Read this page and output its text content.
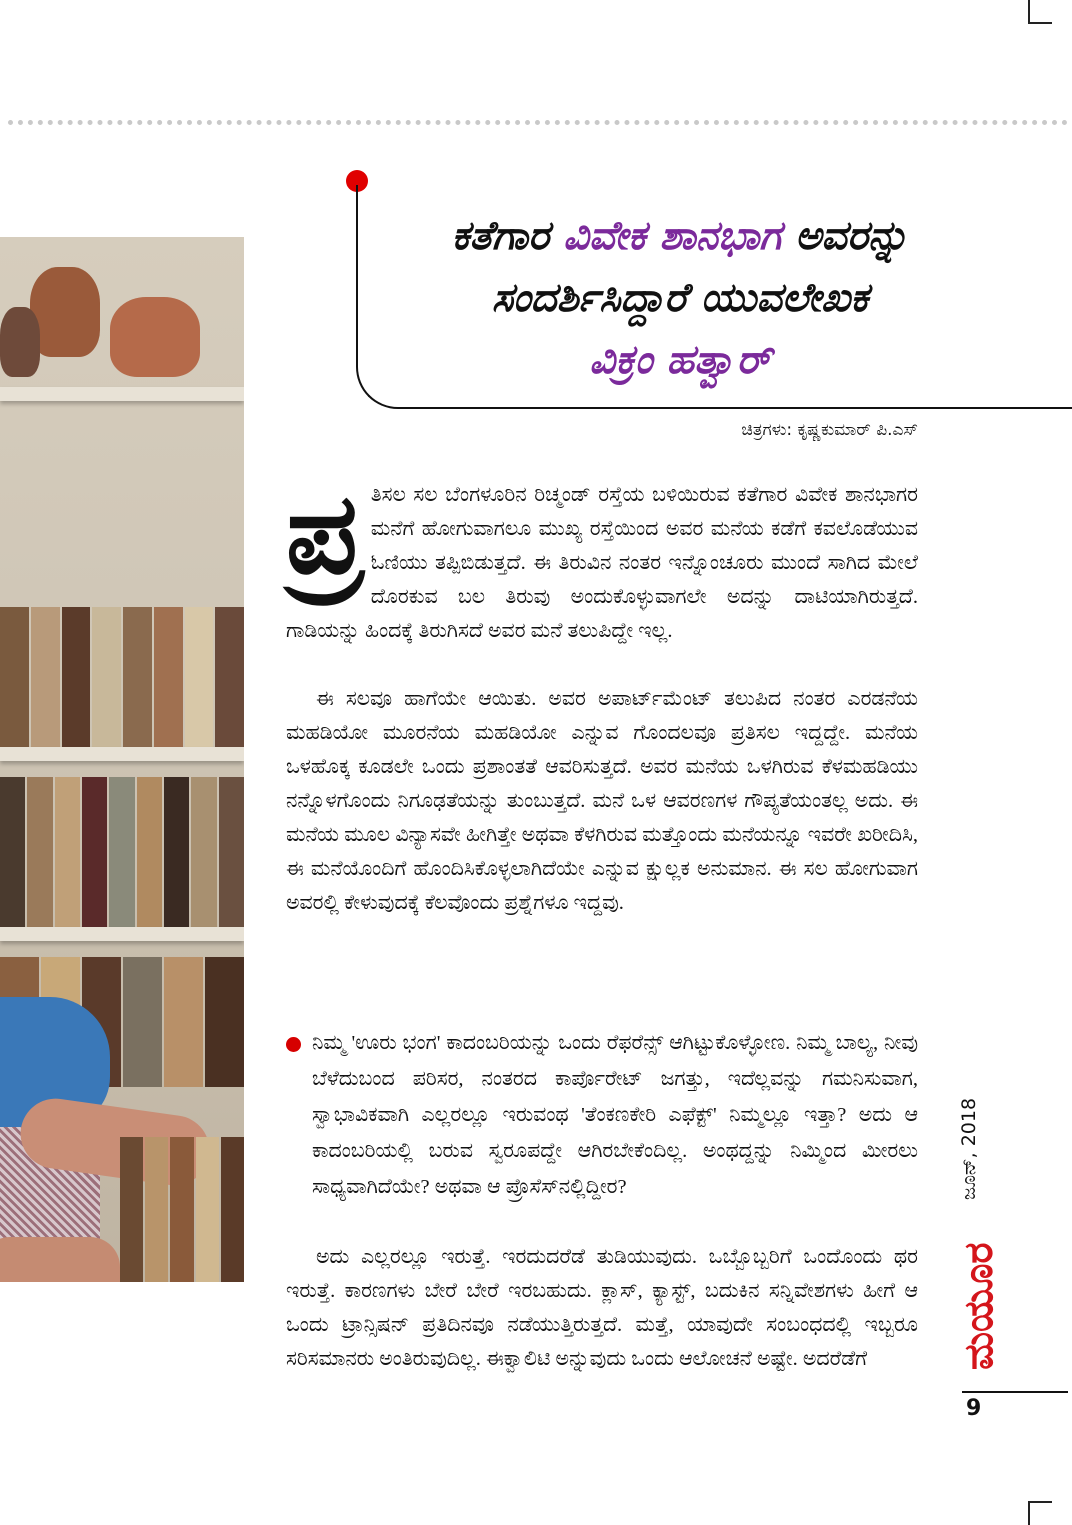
ಕತೆಗಾರ ವಿವೇಕ ಶಾನಭಾಗ ಅವರನ್ನು
ಸಂದರ್ಶಿಸಿದ್ದಾರೆ ಯುವಲೇಖಕ
ವಿಕ್ರಂ ಹತ್ವಾರ್
ಚಿತ್ರಗಳು: ಕೃಷ್ಣಕುಮಾರ್ ಪಿ.ಎಸ್
ಪ್ರ ತಿಸಲ ಸಲ ಬೆಂಗಳೂರಿನ ರಿಚ್ಮಂಡ್ ರಸ್ತೆಯ ಬಳಿಯಿರುವ ಕತೆಗಾರ ವಿವೇಕ ಶಾನಭಾಗರ ಮನೆಗೆ ಹೋಗುವಾಗಲೂ ಮುಖ್ಯ ರಸ್ತೆಯಿಂದ ಅವರ ಮನೆಯ ಕಡೆಗೆ ಕವಲೊಡೆಯುವ ಓಣಿಯು ತಪ್ಪಿಬಿಡುತ್ತದೆ. ಈ ತಿರುವಿನ ನಂತರ ಇನ್ನೊಂಚೂರು ಮುಂದೆ ಸಾಗಿದ ಮೇಲೆ ದೊರಕುವ ಬಲ ತಿರುವು ಅಂದುಕೊಳ್ಳುವಾಗಲೇ ಅದನ್ನು ದಾಟಿಯಾಗಿರುತ್ತದೆ. ಗಾಡಿಯನ್ನು ಹಿಂದಕ್ಕೆ ತಿರುಗಿಸದೆ ಅವರ ಮನೆ ತಲುಪಿದ್ದೇ ಇಲ್ಲ.
ಈ ಸಲವೂ ಹಾಗೆಯೇ ಆಯಿತು. ಅವರ ಅಪಾರ್ಟ್‌ಮೆಂಟ್ ತಲುಪಿದ ನಂತರ ಎರಡನೆಯ ಮಹಡಿಯೋ ಮೂರನೆಯ ಮಹಡಿಯೋ ಎನ್ನುವ ಗೊಂದಲವೂ ಪ್ರತಿಸಲ ಇದ್ದದ್ದೇ. ಮನೆಯ ಒಳಹೊಕ್ಕ ಕೂಡಲೇ ಒಂದು ಪ್ರಶಾಂತತೆ ಆವರಿಸುತ್ತದೆ. ಅವರ ಮನೆಯ ಒಳಗಿರುವ ಕೆಳಮಹಡಿಯು ನನ್ನೊಳಗೊಂದು ನಿಗೂಢತೆಯನ್ನು ತುಂಬುತ್ತದೆ. ಮನೆ ಒಳ ಆವರಣಗಳ ಗೌಪ್ಯತೆಯಂತಲ್ಲ ಅದು. ಈ ಮನೆಯ ಮೂಲ ವಿನ್ಯಾಸವೇ ಹೀಗಿತ್ತೇ ಅಥವಾ ಕೆಳಗಿರುವ ಮತ್ತೊಂದು ಮನೆಯನ್ನೂ ಇವರೇ ಖರೀದಿಸಿ, ಈ ಮನೆಯೊಂದಿಗೆ ಹೊಂದಿಸಿಕೊಳ್ಳಲಾಗಿದೆಯೇ ಎನ್ನುವ ಕ್ಷುಲ್ಲಕ ಅನುಮಾನ. ಈ ಸಲ ಹೋಗುವಾಗ ಅವರಲ್ಲಿ ಕೇಳುವುದಕ್ಕೆ ಕೆಲವೊಂದು ಪ್ರಶ್ನೆಗಳೂ ಇದ್ದವು.
ನಿಮ್ಮ 'ಊರು ಭಂಗ' ಕಾದಂಬರಿಯನ್ನು ಒಂದು ರೆಫರೆನ್ಸ್ ಆಗಿಟ್ಟುಕೊಳ್ಳೋಣ. ನಿಮ್ಮ ಬಾಲ್ಯ, ನೀವು ಬೆಳೆದುಬಂದ ಪರಿಸರ, ನಂತರದ ಕಾರ್ಪೊರೇಟ್ ಜಗತ್ತು, ಇದೆಲ್ಲವನ್ನು ಗಮನಿಸುವಾಗ, ಸ್ವಾಭಾವಿಕವಾಗಿ ಎಲ್ಲರಲ್ಲೂ ಇರುವಂಥ 'ತೆಂಕಣಕೇರಿ ಎಫೆಕ್ಟ್' ನಿಮ್ಮಲ್ಲೂ ಇತ್ತಾ? ಅದು ಆ ಕಾದಂಬರಿಯಲ್ಲಿ ಬರುವ ಸ್ವರೂಪದ್ದೇ ಆಗಿರಬೇಕೆಂದಿಲ್ಲ. ಅಂಥದ್ದನ್ನು ನಿಮ್ಮಿಂದ ಮೀರಲು ಸಾಧ್ಯವಾಗಿದೆಯೇ? ಅಥವಾ ಆ ಪ್ರೊಸೆಸ್‌ನಲ್ಲಿದ್ದೀರ?
ಅದು ಎಲ್ಲರಲ್ಲೂ ಇರುತ್ತೆ. ಇರದುದರೆಡೆ ತುಡಿಯುವುದು. ಒಬ್ಬೊಬ್ಬರಿಗೆ ಒಂದೊಂದು ಥರ ಇರುತ್ತೆ. ಕಾರಣಗಳು ಬೇರೆ ಬೇರೆ ಇರಬಹುದು. ಕ್ಲಾಸ್, ಕ್ಯಾಸ್ಟ್, ಬದುಕಿನ ಸನ್ನಿವೇಶಗಳು ಹೀಗೆ ಆ ಒಂದು ಟ್ರಾನ್ಸಿಷನ್ ಪ್ರತಿದಿನವೂ ನಡೆಯುತ್ತಿರುತ್ತದೆ. ಮತ್ತೆ, ಯಾವುದೇ ಸಂಬಂಧದಲ್ಲಿ ಇಬ್ಬರೂ ಸರಿಸಮಾನರು ಅಂತಿರುವುದಿಲ್ಲ. ಈಕ್ವಾಲಿಟಿ ಅನ್ನುವುದು ಒಂದು ಆಲೋಚನೆ ಅಷ್ಟೇ. ಅದರೆಡೆಗೆ
ಜೂನ್, 2018
ಮಯೂರ
9
